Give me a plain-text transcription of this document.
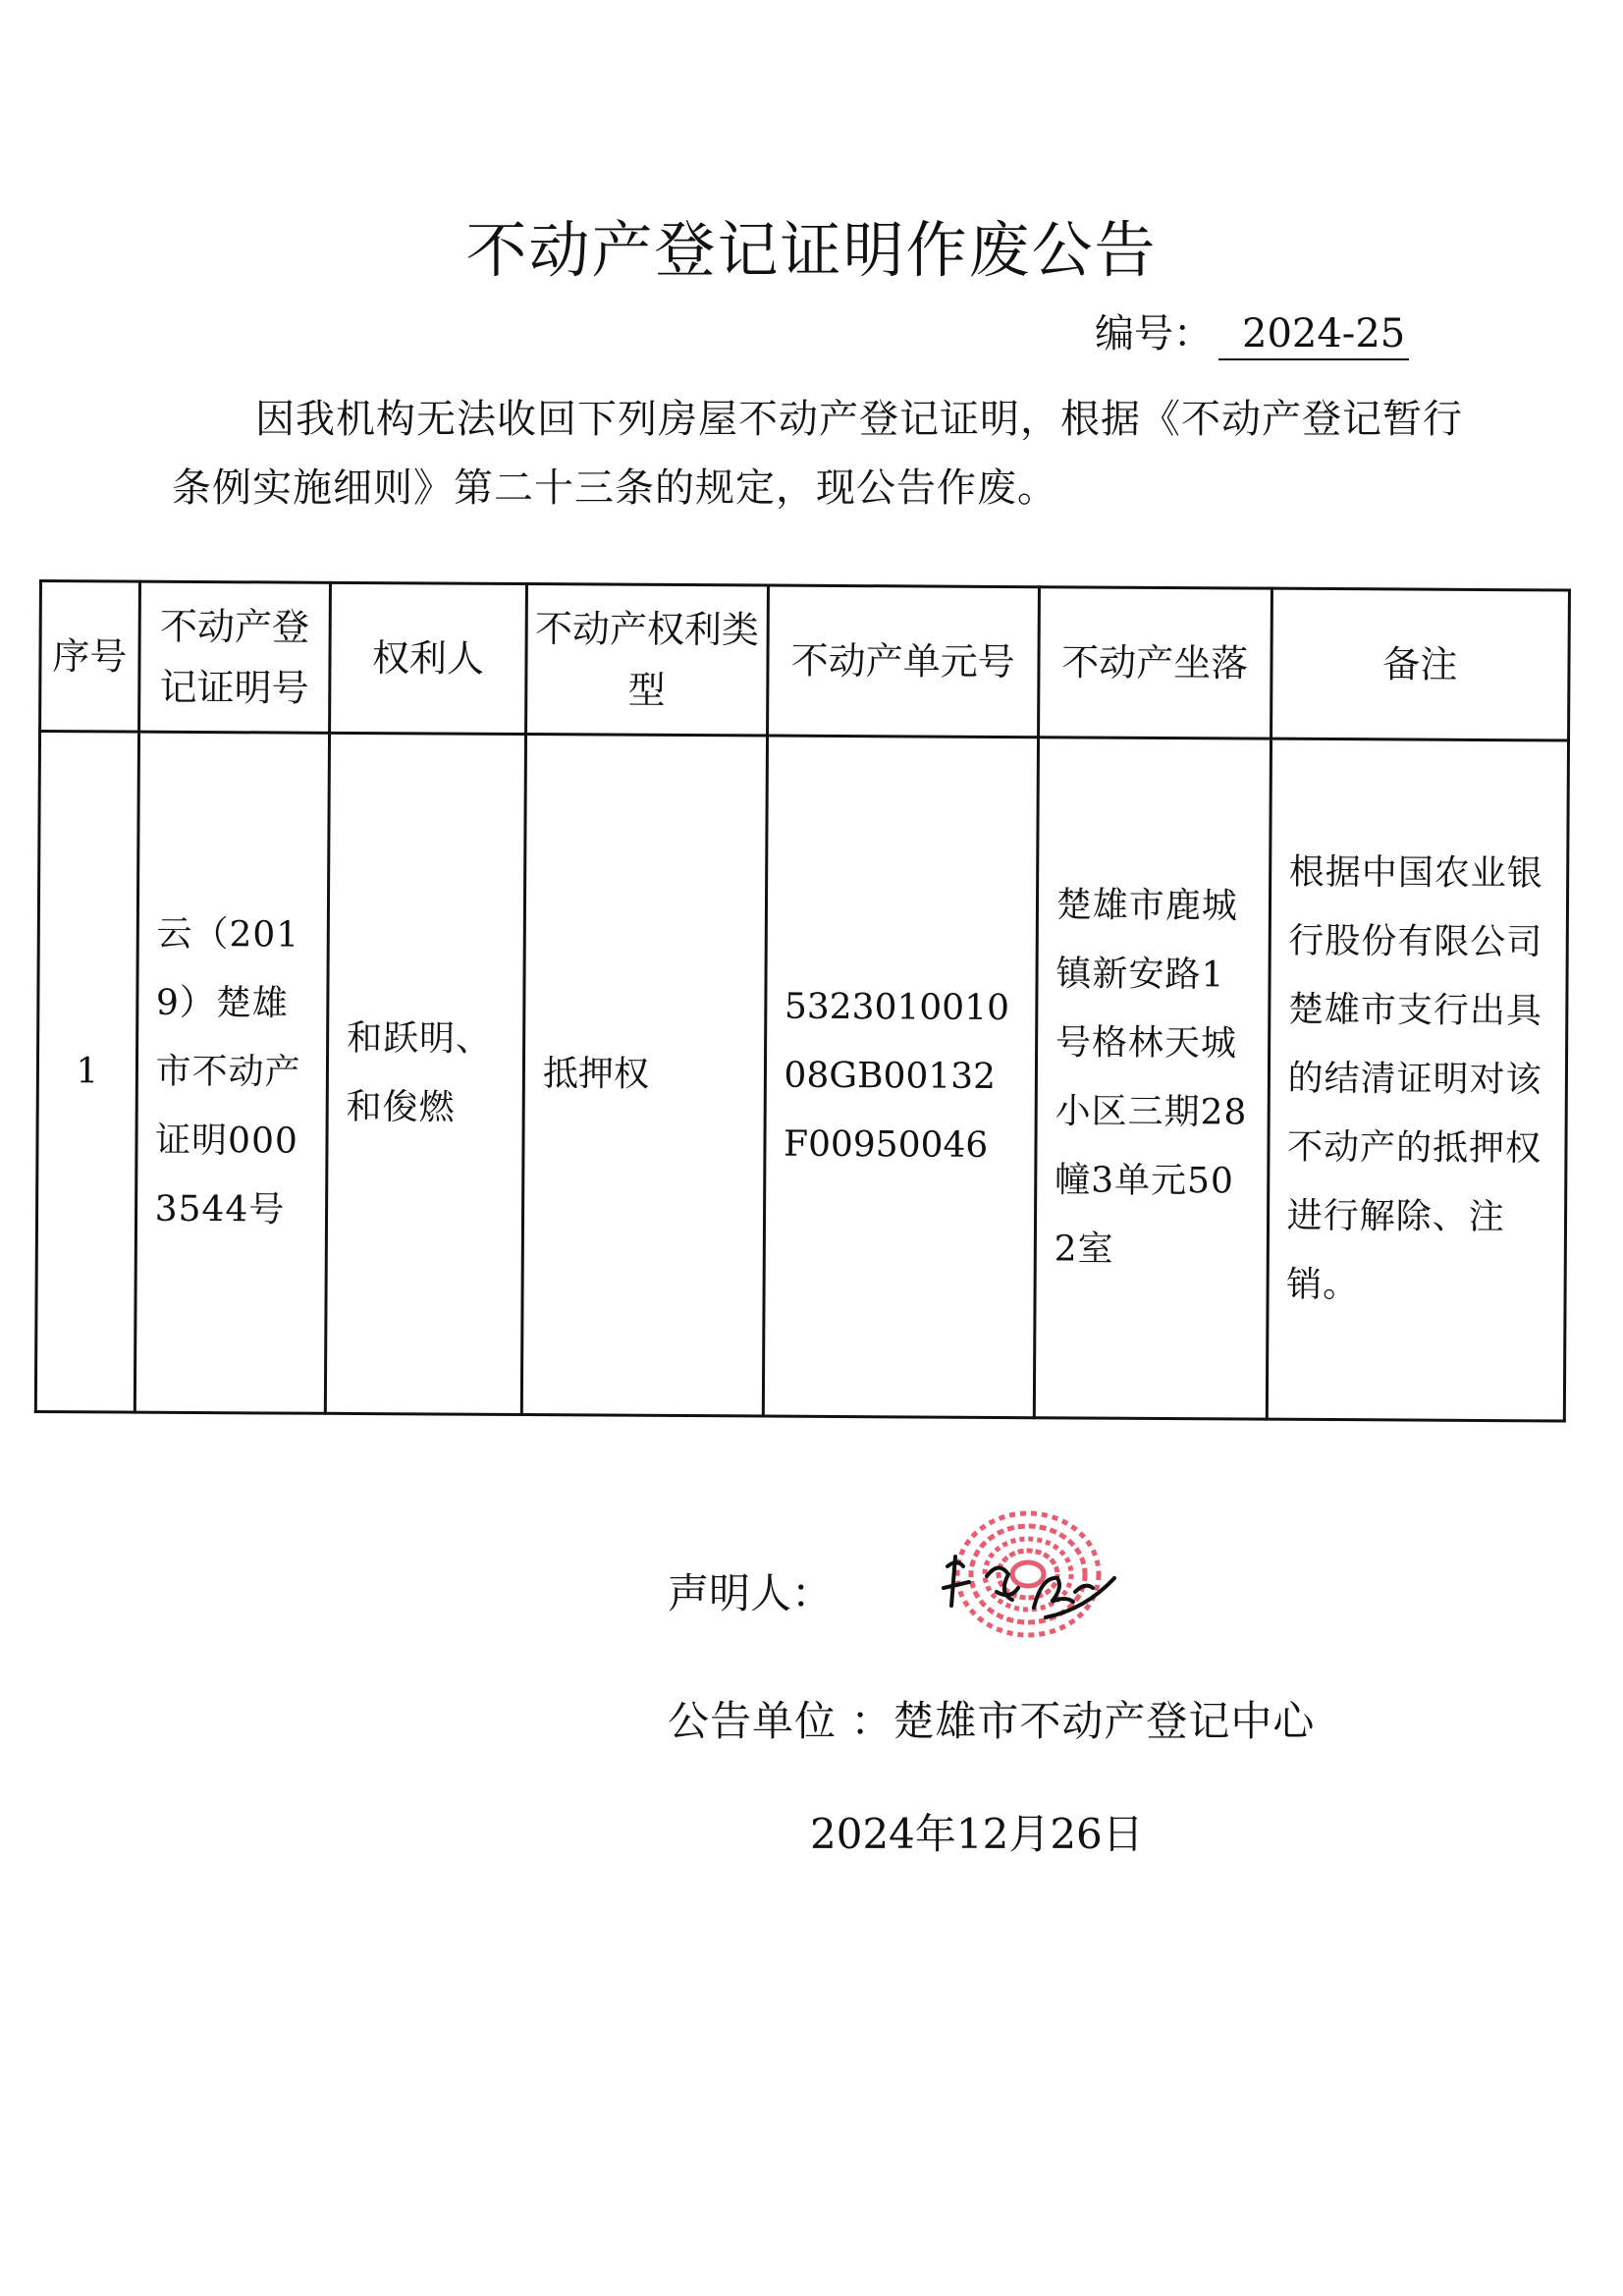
不动产登记证明作废公告
编号： 2024-25
因我机构无法收回下列房屋不动产登记证明，根据《不动产登记暂行条例实施细则》第二十三条的规定，现公告作废。
序号	不动产登记证明号	权利人	不动产权利类型	不动产单元号	不动产坐落	备注
1	云（2019）楚雄市不动产证明0003544号	和跃明、和俊燃	抵押权	532301001008GB00132F00950046	楚雄市鹿城镇新安路1号格林天城小区三期28幢3单元502室	根据中国农业银行股份有限公司楚雄市支行出具的结清证明对该不动产的抵押权进行解除、注销。
声明人：
公告单位 ：楚雄市不动产登记中心
2024年12月26日
